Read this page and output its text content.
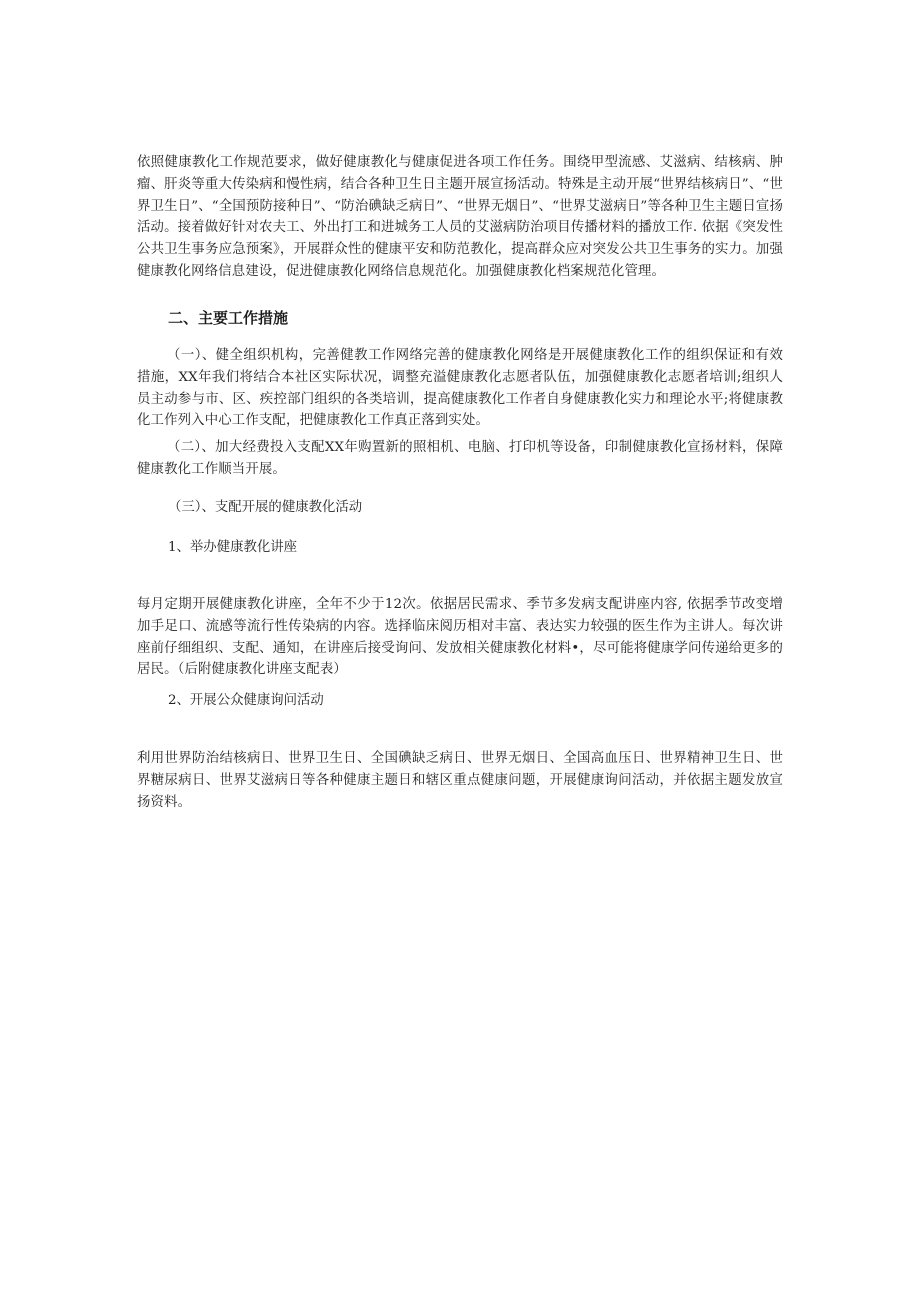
依照健康教化工作规范要求，做好健康教化与健康促进各项工作任务。围绕甲型流感、艾滋病、结核病、肿瘤、肝炎等重大传染病和慢性病，结合各种卫生日主题开展宣扬活动。特殊是主动开展“世界结核病日”、“世界卫生日”、“全国预防接种日”、“防治碘缺乏病日”、“世界无烟日”、“世界艾滋病日”等各种卫生主题日宣扬活动。接着做好针对农夫工、外出打工和进城务工人员的艾滋病防治项目传播材料的播放工作. 依据《突发性公共卫生事务应急预案》，开展群众性的健康平安和防范教化，提高群众应对突发公共卫生事务的实力。加强健康教化网络信息建设，促进健康教化网络信息规范化。加强健康教化档案规范化管理。

二、主要工作措施

（一）、健全组织机构，完善健教工作网络完善的健康教化网络是开展健康教化工作的组织保证和有效措施，XX年我们将结合本社区实际状况，调整充溢健康教化志愿者队伍，加强健康教化志愿者培训;组织人员主动参与市、区、疾控部门组织的各类培训，提高健康教化工作者自身健康教化实力和理论水平;将健康教化工作列入中心工作支配，把健康教化工作真正落到实处。

（二）、加大经费投入支配XX年购置新的照相机、电脑、打印机等设备，印制健康教化宣扬材料，保障健康教化工作顺当开展。

（三）、支配开展的健康教化活动

1、举办健康教化讲座

每月定期开展健康教化讲座，全年不少于12次。依据居民需求、季节多发病支配讲座内容, 依据季节改变增加手足口、流感等流行性传染病的内容。选择临床阅历相对丰富、表达实力较强的医生作为主讲人。每次讲座前仔细组织、支配、通知，在讲座后接受询问、发放相关健康教化材料•，尽可能将健康学问传递给更多的居民。（后附健康教化讲座支配表）

2、开展公众健康询问活动

利用世界防治结核病日、世界卫生日、全国碘缺乏病日、世界无烟日、全国高血压日、世界精神卫生日、世界糖尿病日、世界艾滋病日等各种健康主题日和辖区重点健康问题，开展健康询问活动，并依据主题发放宣扬资料。
